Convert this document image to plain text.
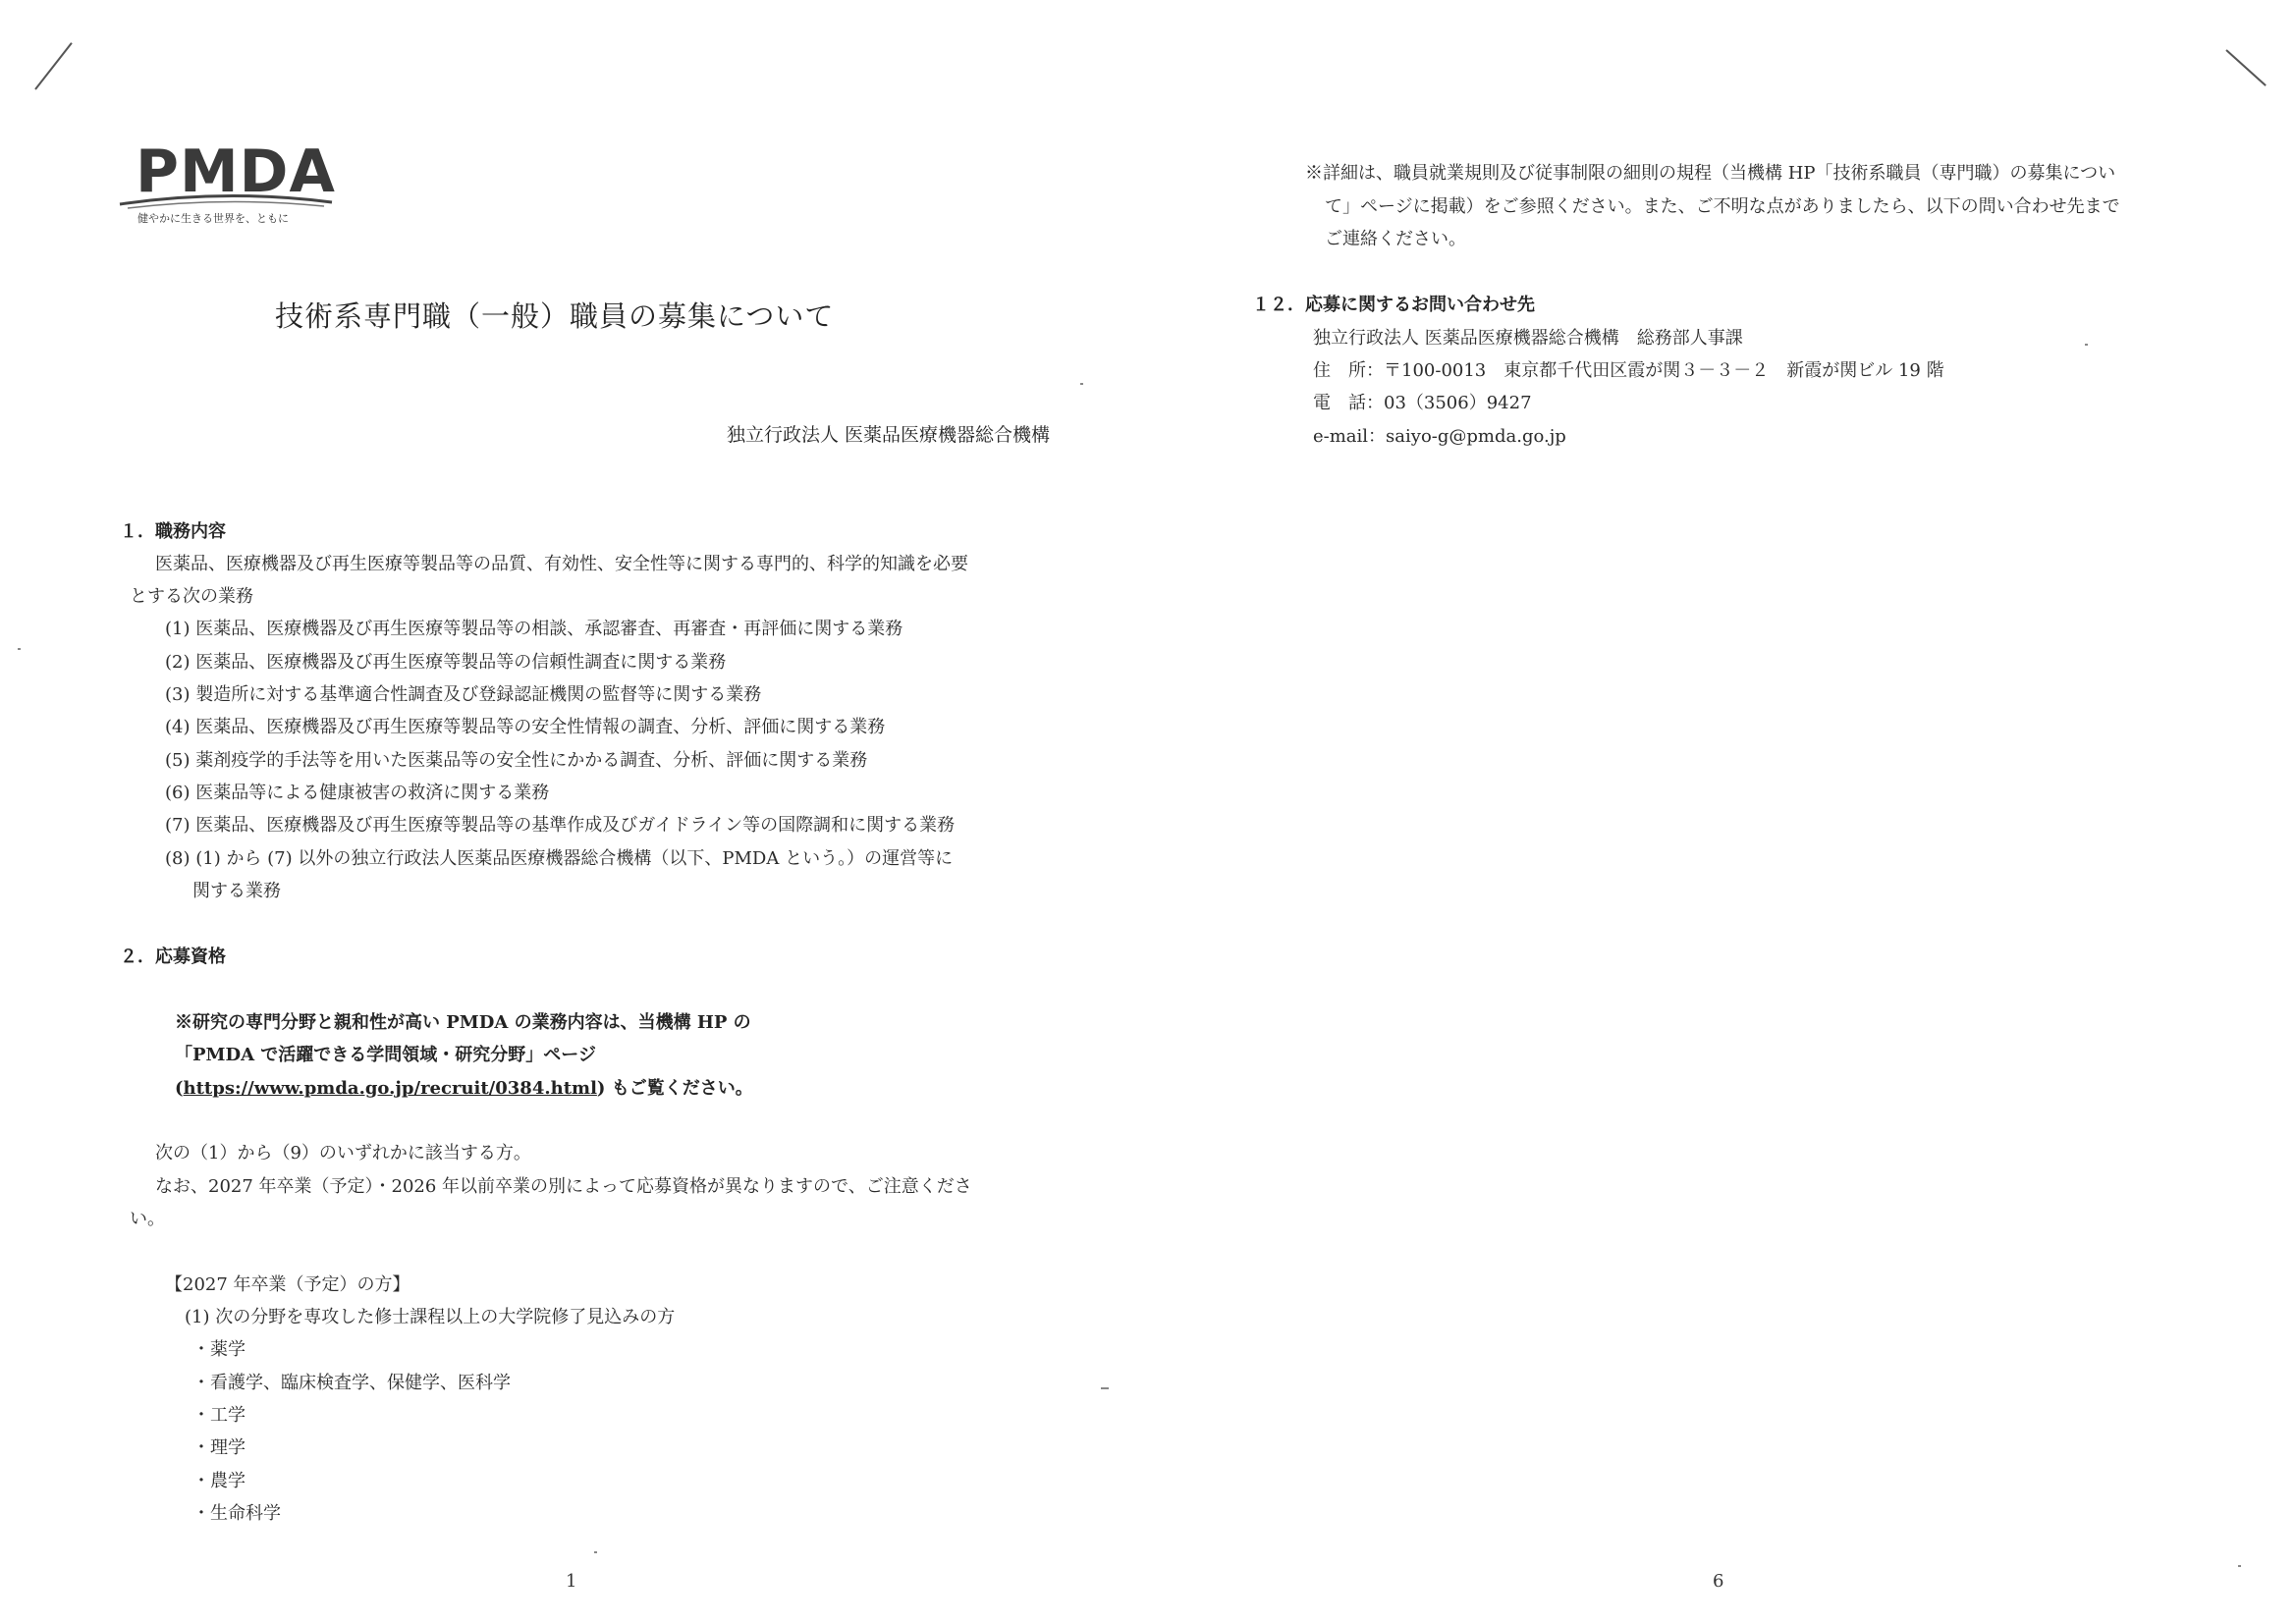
PMDA
健やかに生きる世界を、ともに
技術系専門職（一般）職員の募集について
独立行政法人 医薬品医療機器総合機構
１．職務内容
医薬品、医療機器及び再生医療等製品等の品質、有効性、安全性等に関する専門的、科学的知識を必要
とする次の業務
(1) 医薬品、医療機器及び再生医療等製品等の相談、承認審査、再審査・再評価に関する業務
(2) 医薬品、医療機器及び再生医療等製品等の信頼性調査に関する業務
(3) 製造所に対する基準適合性調査及び登録認証機関の監督等に関する業務
(4) 医薬品、医療機器及び再生医療等製品等の安全性情報の調査、分析、評価に関する業務
(5) 薬剤疫学的手法等を用いた医薬品等の安全性にかかる調査、分析、評価に関する業務
(6) 医薬品等による健康被害の救済に関する業務
(7) 医薬品、医療機器及び再生医療等製品等の基準作成及びガイドライン等の国際調和に関する業務
(8) (1) から (7) 以外の独立行政法人医薬品医療機器総合機構（以下、PMDA という。）の運営等に
関する業務
２．応募資格
※研究の専門分野と親和性が高い PMDA の業務内容は、当機構 HP の
「PMDA で活躍できる学問領域・研究分野」ページ
(https://www.pmda.go.jp/recruit/0384.html) もご覧ください。
次の（1）から（9）のいずれかに該当する方。
なお、2027 年卒業（予定）・2026 年以前卒業の別によって応募資格が異なりますので、ご注意くださ
い。
【2027 年卒業（予定）の方】
(1) 次の分野を専攻した修士課程以上の大学院修了見込みの方
・薬学
・看護学、臨床検査学、保健学、医科学
・工学
・理学
・農学
・生命科学
1
※詳細は、職員就業規則及び従事制限の細則の規程（当機構 HP「技術系職員（専門職）の募集につい
て」ページに掲載）をご参照ください。また、ご不明な点がありましたら、以下の問い合わせ先まで
ご連絡ください。
１２．応募に関するお問い合わせ先
独立行政法人 医薬品医療機器総合機構　総務部人事課
住　所：〒100-0013　東京都千代田区霞が関３－３－２　新霞が関ビル 19 階
電　話：03（3506）9427
e-mail：saiyo-g@pmda.go.jp
6
